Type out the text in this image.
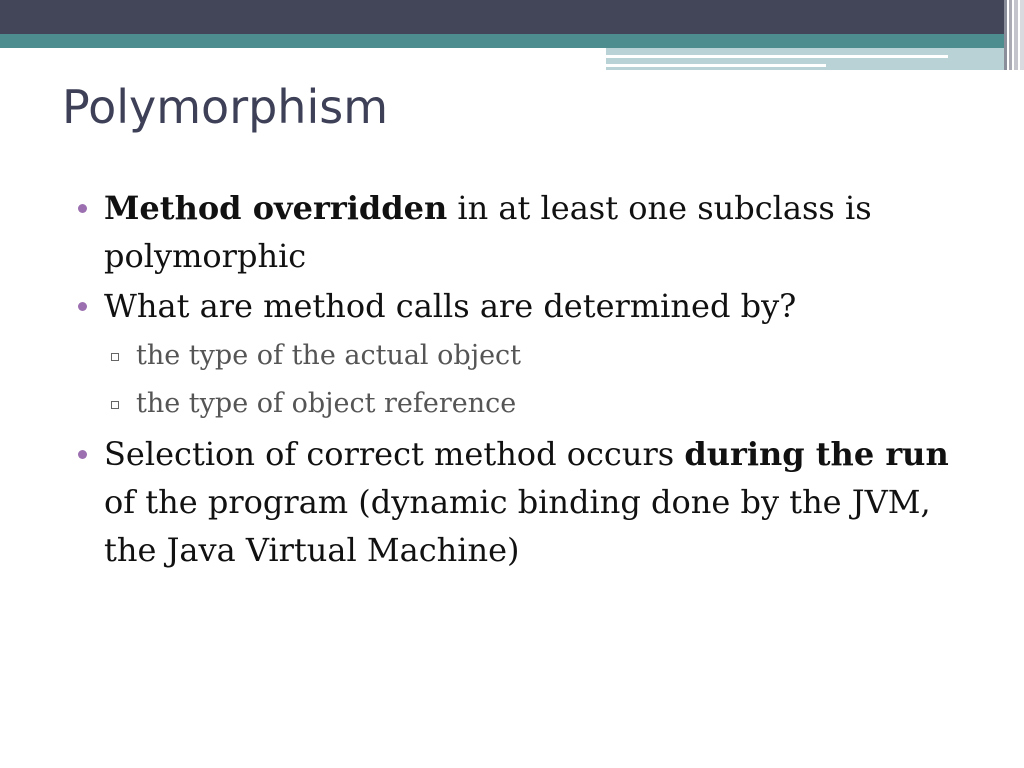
Polymorphism
Method overridden in at least one subclass is polymorphic
What are method calls are determined by?
the type of the actual object
the type of object reference
Selection of correct method occurs during the run of the program (dynamic binding done by the JVM, the Java Virtual Machine)
